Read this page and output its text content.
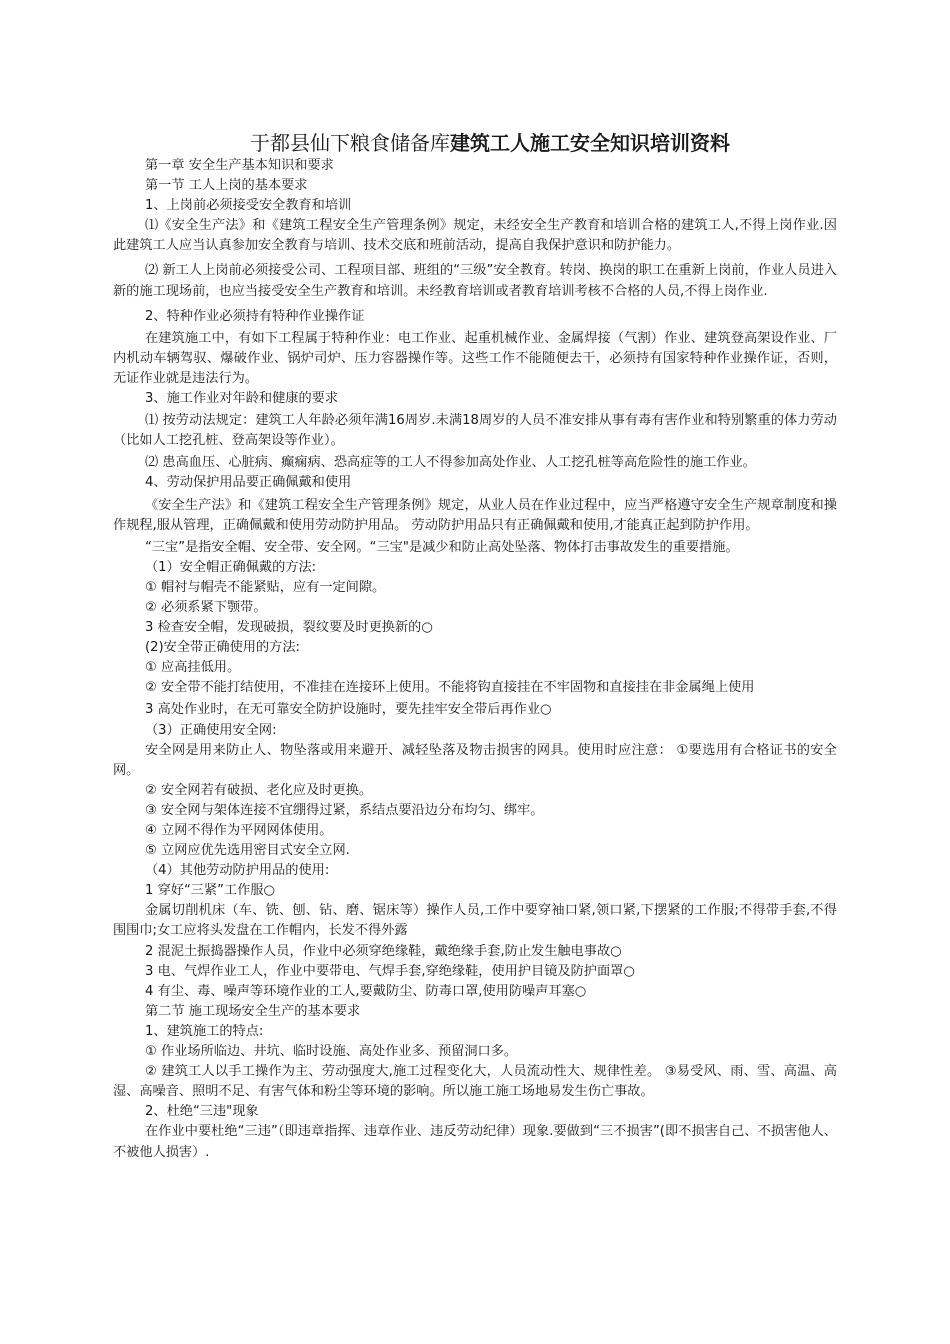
于都县仙下粮食储备库建筑工人施工安全知识培训资料

第一章 安全生产基本知识和要求

第一节 工人上岗的基本要求

1、上岗前必须接受安全教育和培训

⑴《安全生产法》和《建筑工程安全生产管理条例》规定，未经安全生产教育和培训合格的建筑工人,不得上岗作业.因此建筑工人应当认真参加安全教育与培训、技术交底和班前活动，提高自我保护意识和防护能力。

⑵ 新工人上岗前必须接受公司、工程项目部、班组的“三级”安全教育。转岗、换岗的职工在重新上岗前，作业人员进入新的施工现场前，也应当接受安全生产教育和培训。未经教育培训或者教育培训考核不合格的人员,不得上岗作业.

2、特种作业必须持有特种作业操作证

在建筑施工中，有如下工程属于特种作业：电工作业、起重机械作业、金属焊接（气割）作业、建筑登高架设作业、厂内机动车辆驾驭、爆破作业、锅炉司炉、压力容器操作等。这些工作不能随便去干，必须持有国家特种作业操作证，否则，无证作业就是违法行为。

3、施工作业对年龄和健康的要求

⑴ 按劳动法规定：建筑工人年龄必须年满16周岁.未满18周岁的人员不准安排从事有毒有害作业和特别繁重的体力劳动（比如人工挖孔桩、登高架设等作业）。

⑵ 患高血压、心脏病、癫痫病、恐高症等的工人不得参加高处作业、人工挖孔桩等高危险性的施工作业。

4、劳动保护用品要正确佩戴和使用

《安全生产法》和《建筑工程安全生产管理条例》规定，从业人员在作业过程中，应当严格遵守安全生产规章制度和操作规程,服从管理，正确佩戴和使用劳动防护用品。 劳动防护用品只有正确佩戴和使用,才能真正起到防护作用。

“三宝”是指安全帽、安全带、安全网。“三宝"是减少和防止高处坠落、物体打击事故发生的重要措施。

（1）安全帽正确佩戴的方法:

① 帽衬与帽壳不能紧贴，应有一定间隙。

② 必须系紧下颚带。

3 检查安全帽，发现破损，裂纹要及时更换新的○

(2)安全带正确使用的方法:

① 应高挂低用。

② 安全带不能打结使用，不准挂在连接环上使用。不能将钩直接挂在不牢固物和直接挂在非金属绳上使用

3 高处作业时，在无可靠安全防护设施时，要先挂牢安全带后再作业○

（3）正确使用安全网:

安全网是用来防止人、物坠落或用来避开、减轻坠落及物击损害的网具。使用时应注意： ①要选用有合格证书的安全网。

② 安全网若有破损、老化应及时更换。

③ 安全网与架体连接不宜绷得过紧，系结点要沿边分布均匀、绑牢。

④ 立网不得作为平网网体使用。

⑤ 立网应优先选用密目式安全立网.

（4）其他劳动防护用品的使用:

1 穿好“三紧”工作服○

金属切削机床（车、铣、刨、钻、磨、锯床等）操作人员,工作中要穿袖口紧,领口紧,下摆紧的工作服;不得带手套,不得围围巾;女工应将头发盘在工作帽内，长发不得外露

2 混泥土振捣器操作人员，作业中必须穿绝缘鞋，戴绝缘手套,防止发生触电事故○

3 电、气焊作业工人，作业中要带电、气焊手套,穿绝缘鞋，使用护目镜及防护面罩○

4 有尘、毒、噪声等环境作业的工人,要戴防尘、防毒口罩,使用防噪声耳塞○

第二节 施工现场安全生产的基本要求

1、建筑施工的特点:

① 作业场所临边、井坑、临时设施、高处作业多、预留洞口多。

② 建筑工人以手工操作为主、劳动强度大,施工过程变化大，人员流动性大、规律性差。 ③易受风、雨、雪、高温、高湿、高噪音、照明不足、有害气体和粉尘等环境的影响。所以施工施工场地易发生伤亡事故。

2、杜绝“三违"现象

在作业中要杜绝“三违”（即违章指挥、违章作业、违反劳动纪律）现象.要做到“三不损害”(即不损害自己、不损害他人、不被他人损害）.
